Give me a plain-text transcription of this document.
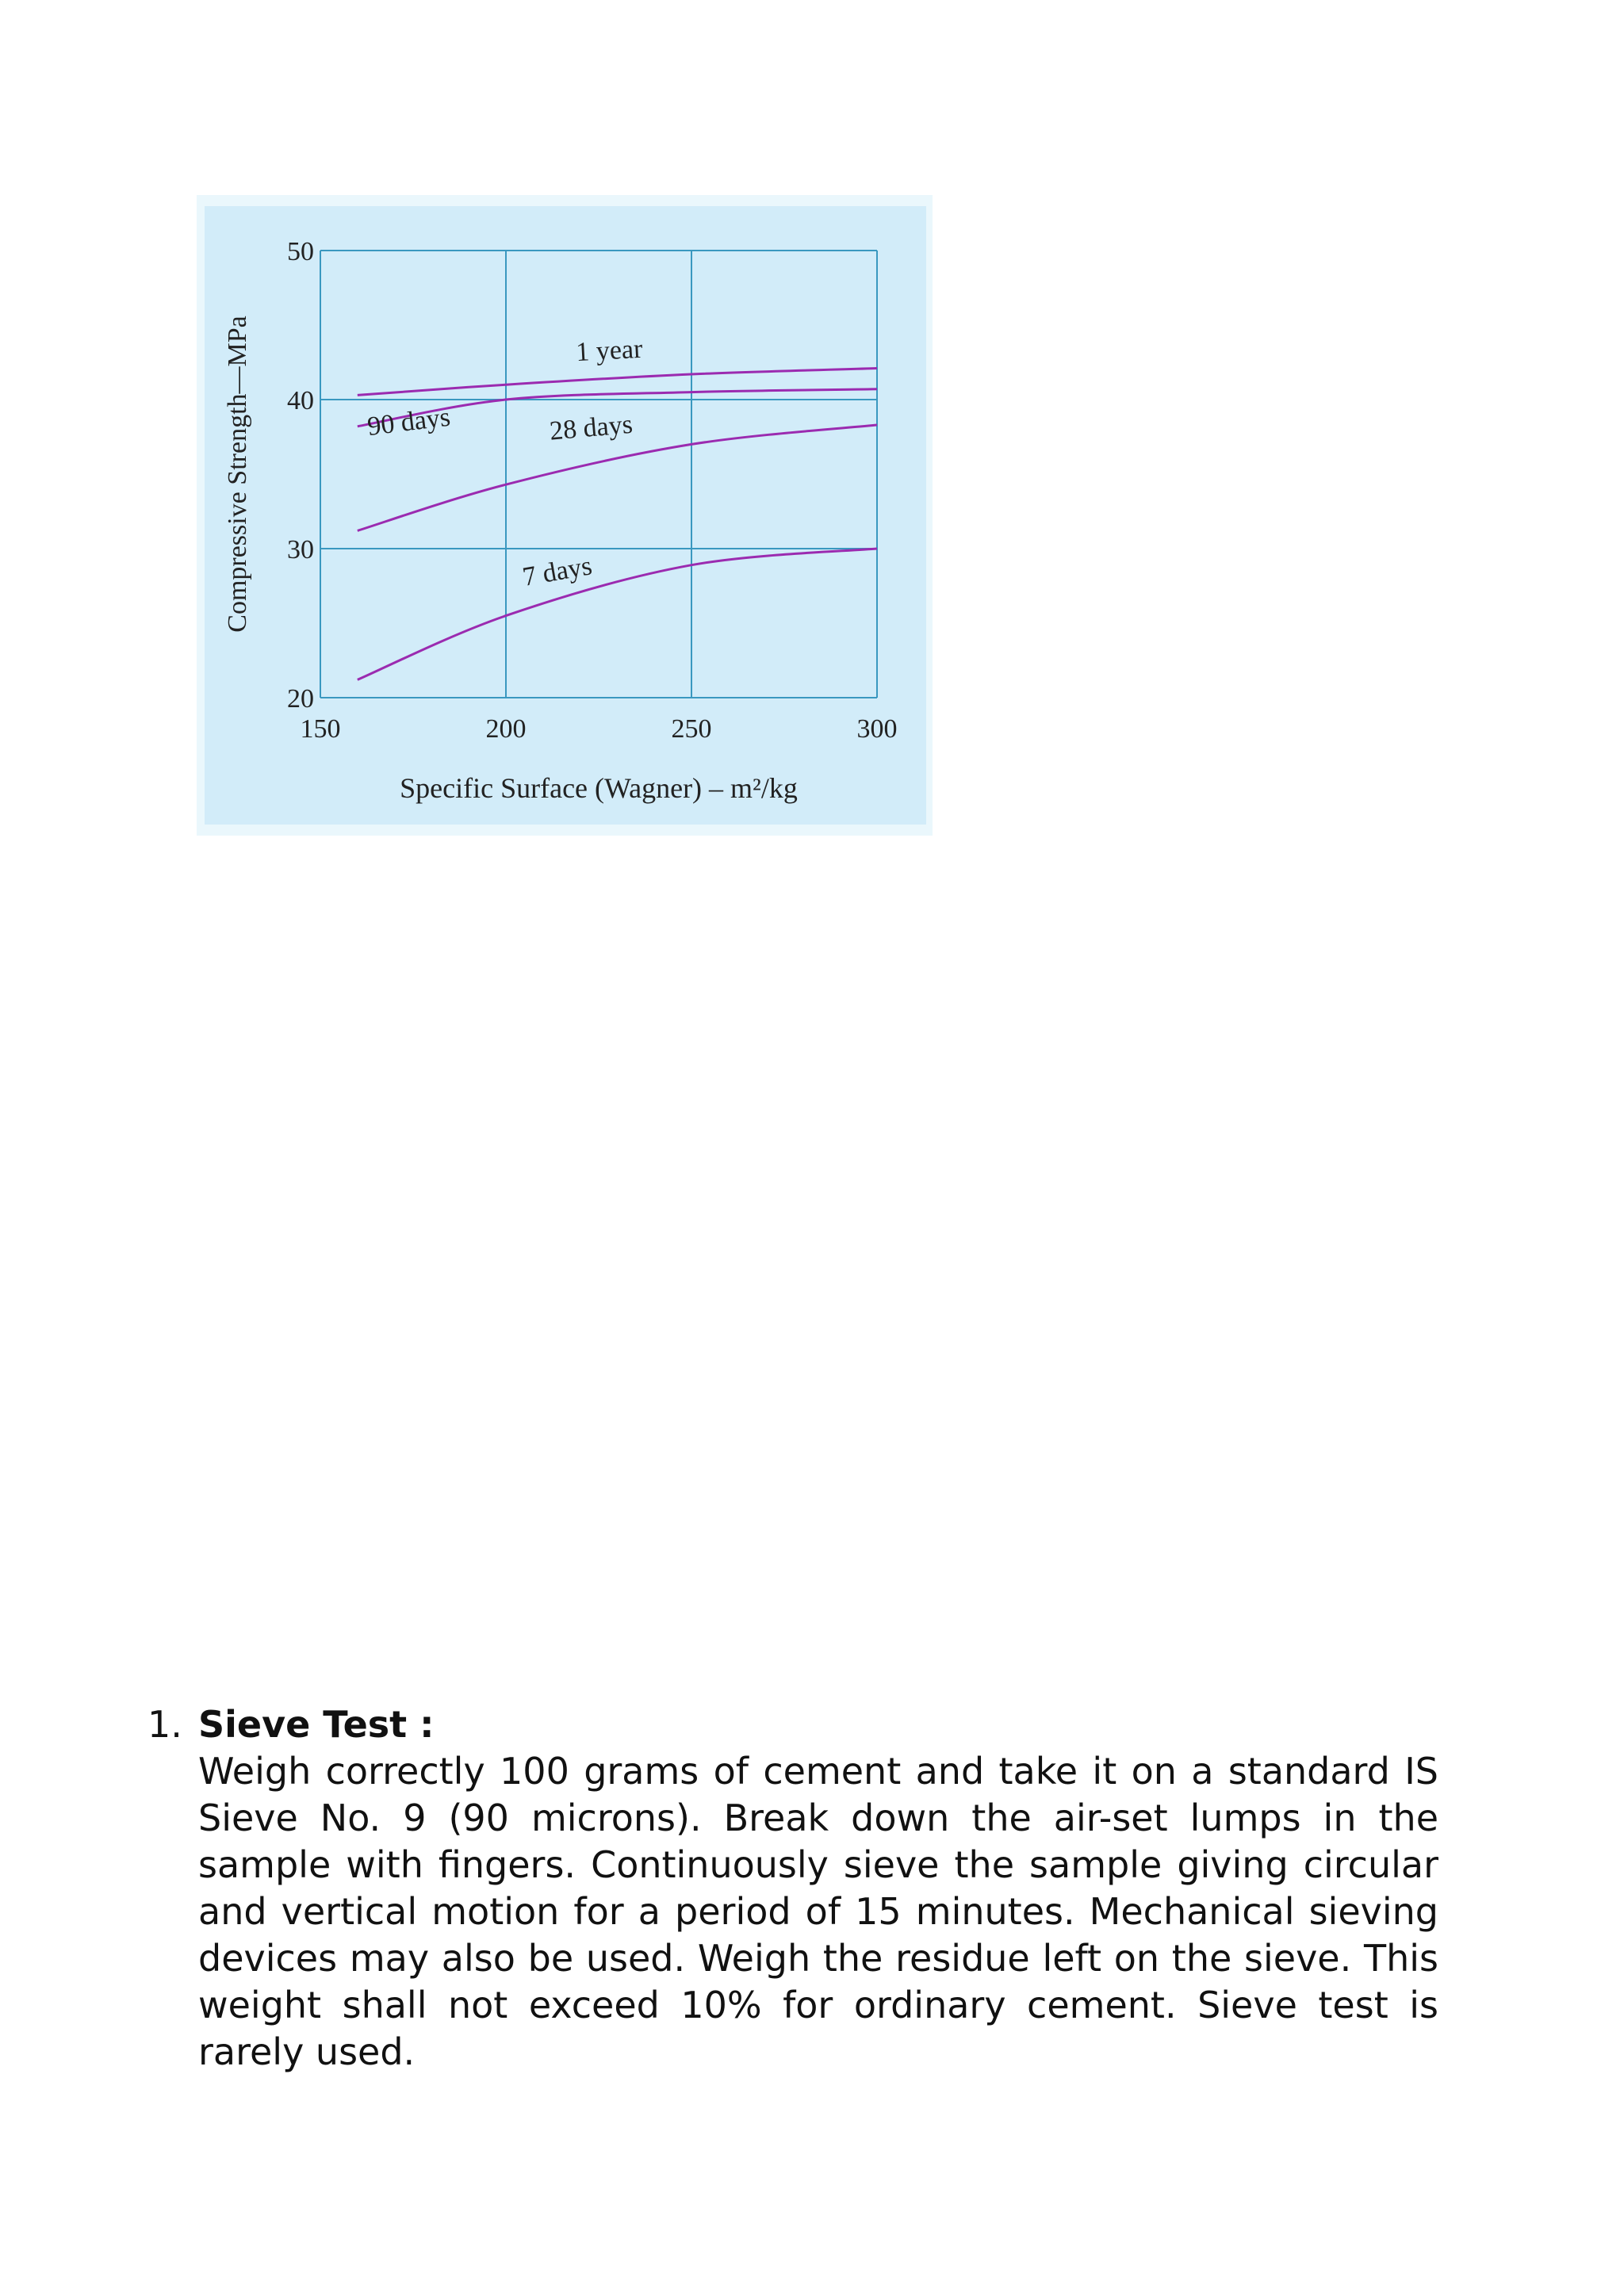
150	200	250	300
20
30
40
50
Specific Surface (Wagner) – m²/kg
Compressive Strength—MPa	1 year
90 days	28 days
7 days
1. Sieve Test :

Weigh correctly 100 grams of cement and take it on a standard IS Sieve No. 9 (90 microns). Break down the air-set lumps in the sample with fingers. Continuously sieve the sample giving circular and vertical motion for a period of 15 minutes. Mechanical sieving devices may also be used. Weigh the residue left on the sieve. This weight shall not exceed 10% for ordinary cement. Sieve test is rarely used.
